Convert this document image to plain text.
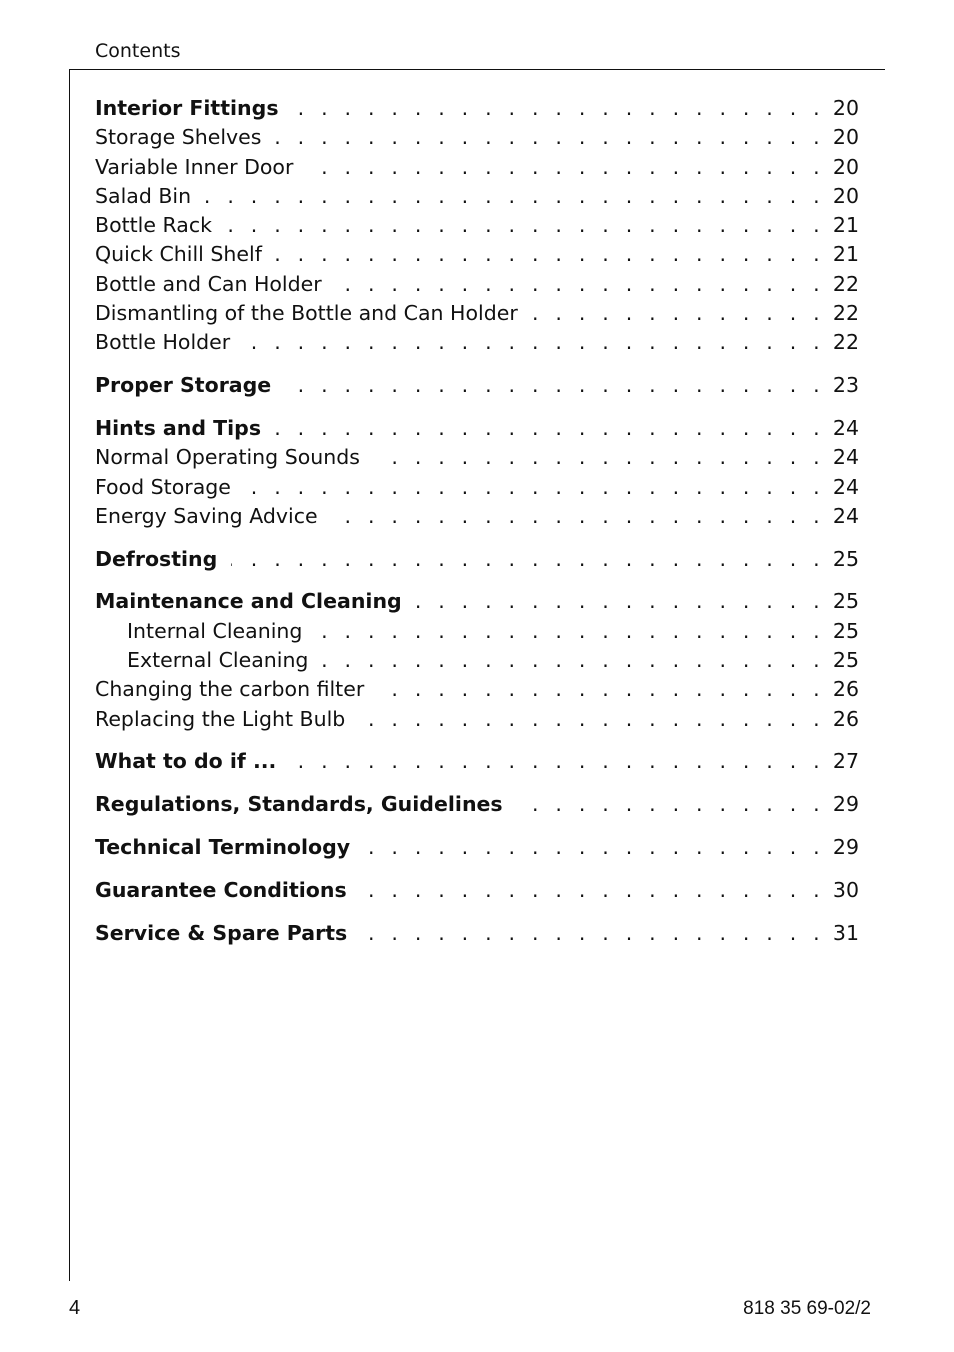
Contents
Interior Fittings . . .	20
Storage Shelves . . .	20
Variable Inner Door . . .	20
Salad Bin . . .	20
Bottle Rack . . .	21
Quick Chill Shelf . . .	21
Bottle and Can Holder . . .	22
Dismantling of the Bottle and Can Holder . . .	22
Bottle Holder . . .	22
Proper Storage . . .	23
Hints and Tips . . .	24
Normal Operating Sounds . . .	24
Food Storage . . .	24
Energy Saving Advice . . .	24
Defrosting . . .	25
Maintenance and Cleaning . . .	25
Internal Cleaning . . .	25
External Cleaning . . .	25
Changing the carbon filter . . .	26
Replacing the Light Bulb . . .	26
What to do if ... . . .	27
Regulations, Standards, Guidelines . . .	29
Technical Terminology . . .	29
Guarantee Conditions . . .	30
Service & Spare Parts . . .	31
4	818 35 69-02/2
